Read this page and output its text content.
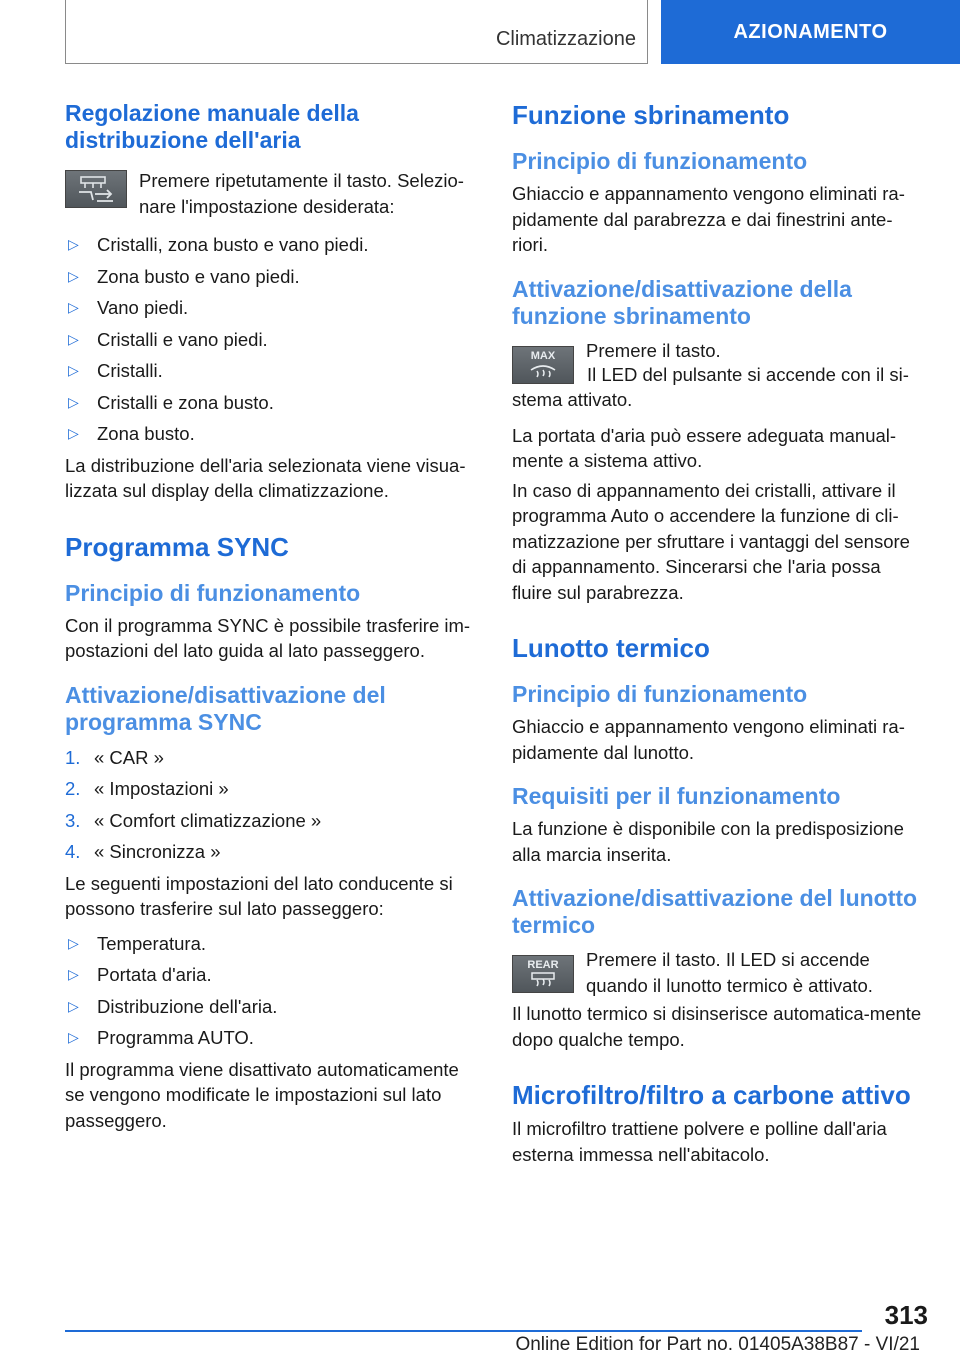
Climatizzazione	AZIONAMENTO
Regolazione manuale della distribuzione dell'aria

Premere ripetutamente il tasto. Selezio-nare l'impostazione desiderata:

▷ Cristalli, zona busto e vano piedi.
▷ Zona busto e vano piedi.
▷ Vano piedi.
▷ Cristalli e vano piedi.
▷ Cristalli.
▷ Cristalli e zona busto.
▷ Zona busto.

La distribuzione dell'aria selezionata viene visua-lizzata sul display della climatizzazione.

Programma SYNC
Principio di funzionamento

Con il programma SYNC è possibile trasferire im-postazioni del lato guida al lato passeggero.

Attivazione/disattivazione del programma SYNC
1. « CAR »
2. « Impostazioni »
3. « Comfort climatizzazione »
4. « Sincronizza »

Le seguenti impostazioni del lato conducente si possono trasferire sul lato passeggero:

▷ Temperatura.
▷ Portata d'aria.
▷ Distribuzione dell'aria.
▷ Programma AUTO.

Il programma viene disattivato automaticamente se vengono modificate le impostazioni sul lato passeggero.

Funzione sbrinamento
Principio di funzionamento

Ghiaccio e appannamento vengono eliminati ra-pidamente dal parabrezza e dai finestrini ante-riori.

Attivazione/disattivazione della funzione sbrinamento
MAX Premere il tasto.

Il LED del pulsante si accende con il si-stema attivato.

La portata d'aria può essere adeguata manual-mente a sistema attivo.

In caso di appannamento dei cristalli, attivare il programma Auto o accendere la funzione di cli-matizzazione per sfruttare i vantaggi del sensore di appannamento. Sincerarsi che l'aria possa fluire sul parabrezza.

Lunotto termico
Principio di funzionamento

Ghiaccio e appannamento vengono eliminati ra-pidamente dal lunotto.

Requisiti per il funzionamento

La funzione è disponibile con la predisposizione alla marcia inserita.

Attivazione/disattivazione del lunotto termico
REAR Premere il tasto. Il LED si accende quando il lunotto termico è attivato.

Il lunotto termico si disinserisce automatica-mente dopo qualche tempo.

Microfiltro/filtro a carbone attivo

Il microfiltro trattiene polvere e polline dall'aria esterna immessa nell'abitacolo.

313
Online Edition for Part no. 01405A38B87 - VI/21
